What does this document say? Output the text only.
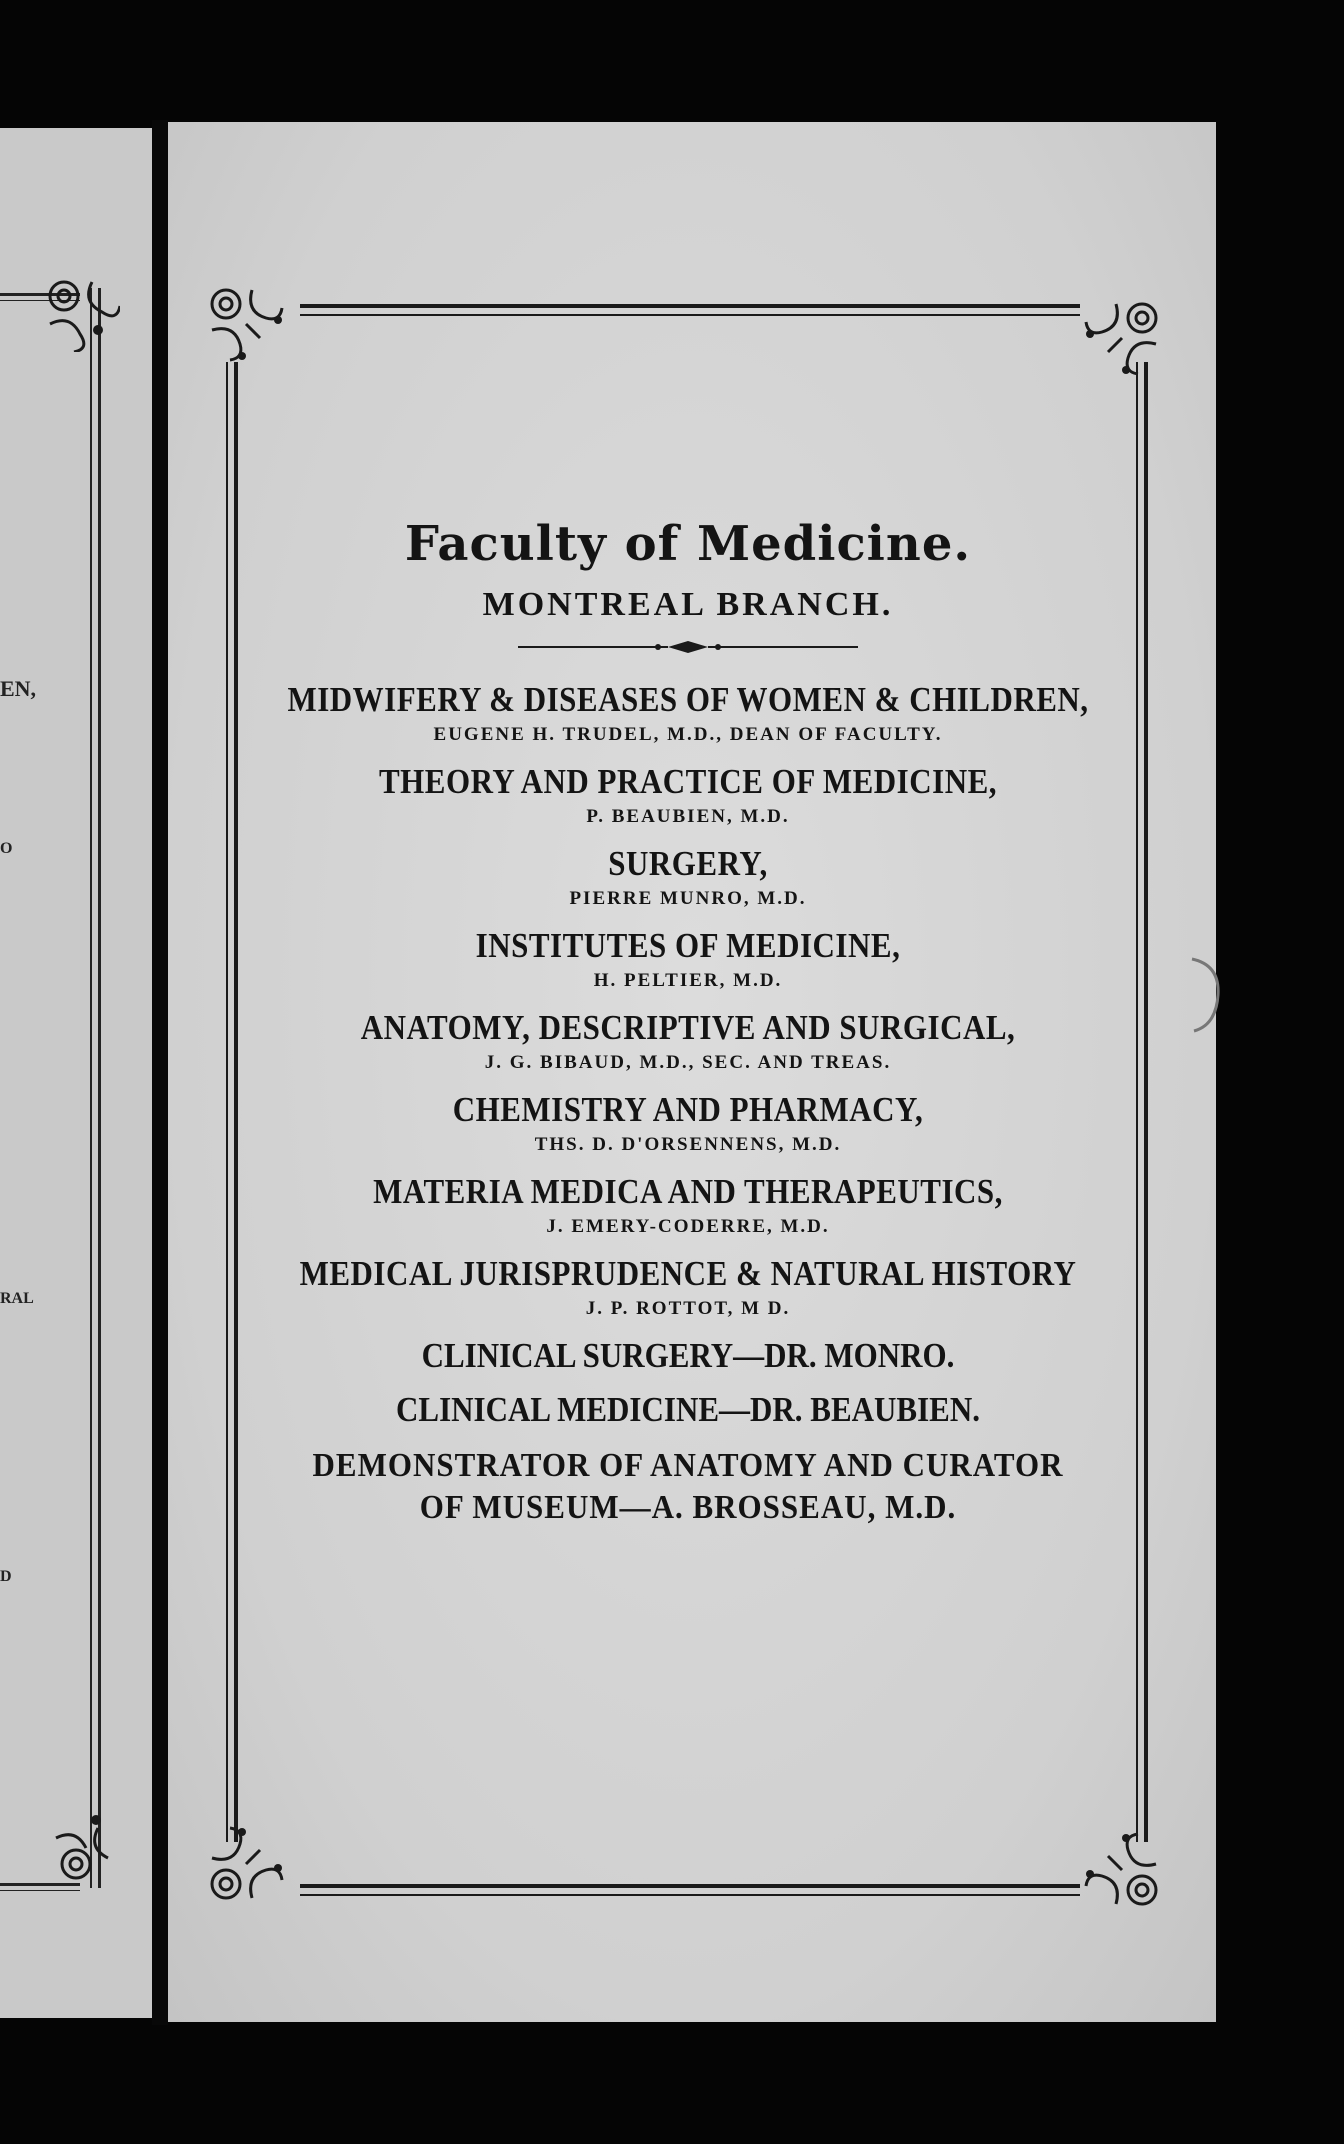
EN,
O
RAL
D
Faculty of Medicine.
MONTREAL BRANCH.
MIDWIFERY & DISEASES OF WOMEN & CHILDREN,
EUGENE H. TRUDEL, M.D., DEAN OF FACULTY.
THEORY AND PRACTICE OF MEDICINE,
P. BEAUBIEN, M.D.
SURGERY,
PIERRE MUNRO, M.D.
INSTITUTES OF MEDICINE,
H. PELTIER, M.D.
ANATOMY, DESCRIPTIVE AND SURGICAL,
J. G. BIBAUD, M.D., SEC. AND TREAS.
CHEMISTRY AND PHARMACY,
THS. D. D'ORSENNENS, M.D.
MATERIA MEDICA AND THERAPEUTICS,
J. EMERY-CODERRE, M.D.
MEDICAL JURISPRUDENCE & NATURAL HISTORY
J. P. ROTTOT, M D.
CLINICAL SURGERY—DR. MONRO.
CLINICAL MEDICINE—DR. BEAUBIEN.
DEMONSTRATOR OF ANATOMY AND CURATOR
OF MUSEUM—A. BROSSEAU, M.D.
